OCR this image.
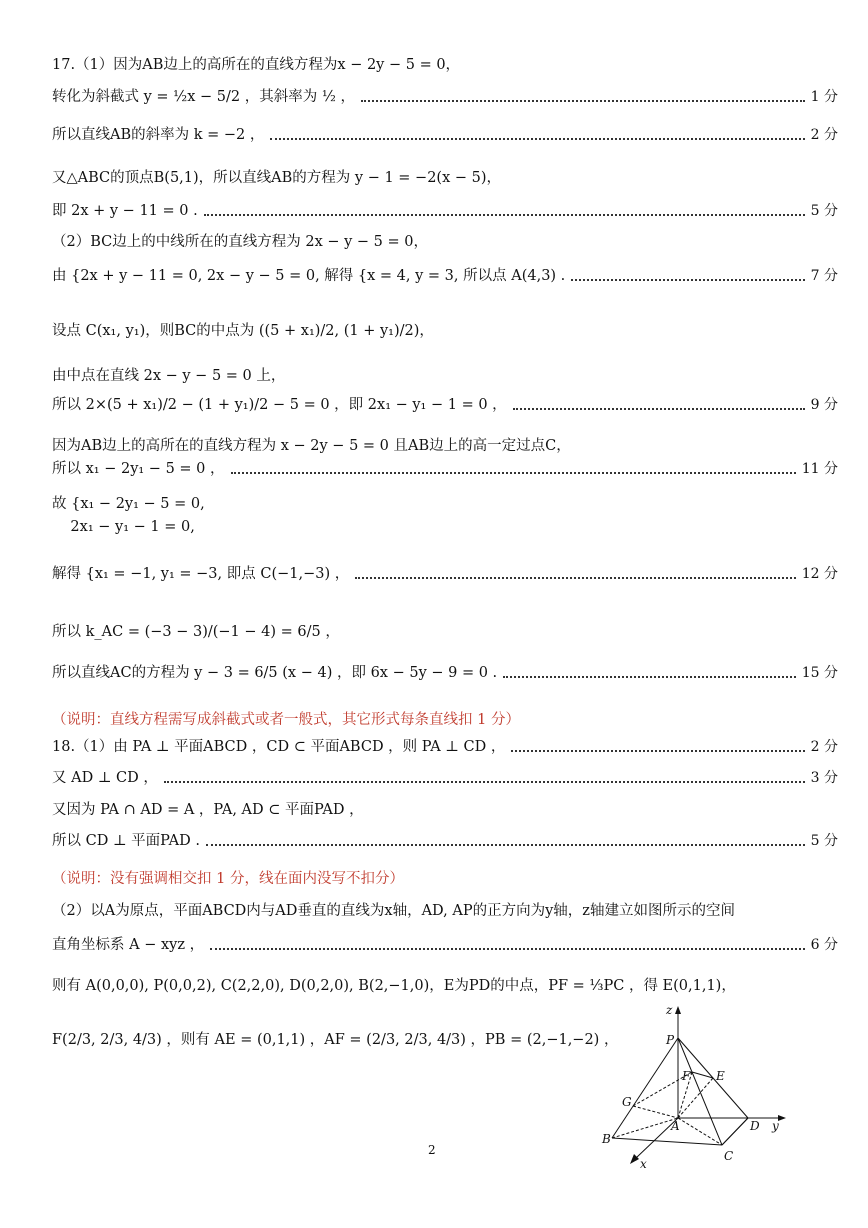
17.（1）因为AB边上的高所在的直线方程为x − 2y − 5 = 0，
转化为斜截式 y = ½x − 5/2 ，其斜率为 ½ ，	1 分
所以直线AB的斜率为 k = −2 ，	2 分
又△ABC的顶点B(5,1)，所以直线AB的方程为 y − 1 = −2(x − 5)，
即 2x + y − 11 = 0 .	5 分
（2）BC边上的中线所在的直线方程为 2x − y − 5 = 0，
由 {2x + y − 11 = 0, 2x − y − 5 = 0, 解得 {x = 4, y = 3, 所以点 A(4,3) .	7 分
设点 C(x₁, y₁)，则BC的中点为 ((5 + x₁)/2, (1 + y₁)/2)，
由中点在直线 2x − y − 5 = 0 上，
所以 2×(5 + x₁)/2 − (1 + y₁)/2 − 5 = 0 ，即 2x₁ − y₁ − 1 = 0 ，	9 分
因为AB边上的高所在的直线方程为 x − 2y − 5 = 0 且AB边上的高一定过点C，
所以 x₁ − 2y₁ − 5 = 0 ，	11 分
故 {x₁ − 2y₁ − 5 = 0,
2x₁ − y₁ − 1 = 0,
解得 {x₁ = −1, y₁ = −3, 即点 C(−1,−3) ，	12 分
所以 k_AC = (−3 − 3)/(−1 − 4) = 6/5 ，
所以直线AC的方程为 y − 3 = 6/5 (x − 4) ，即 6x − 5y − 9 = 0 .	15 分
（说明：直线方程需写成斜截式或者一般式，其它形式每条直线扣 1 分）
18.（1）由 PA ⊥ 平面ABCD ，CD ⊂ 平面ABCD ，则 PA ⊥ CD ，	2 分
又 AD ⊥ CD ，	3 分
又因为 PA ∩ AD = A ，PA, AD ⊂ 平面PAD ，
所以 CD ⊥ 平面PAD .	5 分
（说明：没有强调相交扣 1 分，线在面内没写不扣分）
（2）以A为原点，平面ABCD内与AD垂直的直线为x轴，AD, AP的正方向为y轴，z轴建立如图所示的空间
直角坐标系 A − xyz ，	6 分
则有 A(0,0,0), P(0,0,2), C(2,2,0), D(0,2,0), B(2,−1,0)，E为PD的中点，PF = ⅓PC ，得 E(0,1,1)，
F(2/3, 2/3, 4/3) ，则有 AE = (0,1,1) ，AF = (2/3, 2/3, 4/3) ，PB = (2,−1,−2) ，
z
P
F E
G
A	D y
B
C
x
2
